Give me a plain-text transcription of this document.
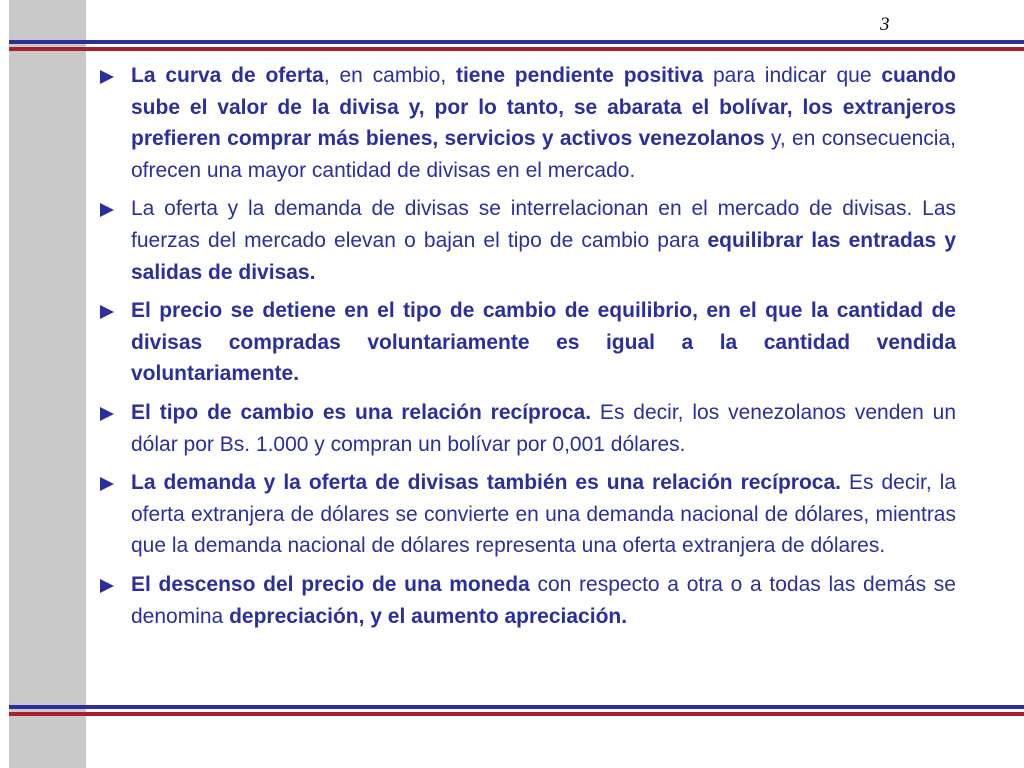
3
La curva de oferta, en cambio, tiene pendiente positiva para indicar que cuando sube el valor de la divisa y, por lo tanto, se abarata el bolívar, los extranjeros prefieren comprar más bienes, servicios y activos venezolanos y, en consecuencia, ofrecen una mayor cantidad de divisas en el mercado.
La oferta y la demanda de divisas se interrelacionan en el mercado de divisas. Las fuerzas del mercado elevan o bajan el tipo de cambio para equilibrar las entradas y salidas de divisas.
El precio se detiene en el tipo de cambio de equilibrio, en el que la cantidad de divisas compradas voluntariamente es igual a la cantidad vendida voluntariamente.
El tipo de cambio es una relación recíproca. Es decir, los venezolanos venden un dólar por Bs. 1.000 y compran un bolívar por 0,001 dólares.
La demanda y la oferta de divisas también es una relación recíproca. Es decir, la oferta extranjera de dólares se convierte en una demanda nacional de dólares, mientras que la demanda nacional de dólares representa una oferta extranjera de dólares.
El descenso del precio de una moneda con respecto a otra o a todas las demás se denomina depreciación, y el aumento apreciación.
